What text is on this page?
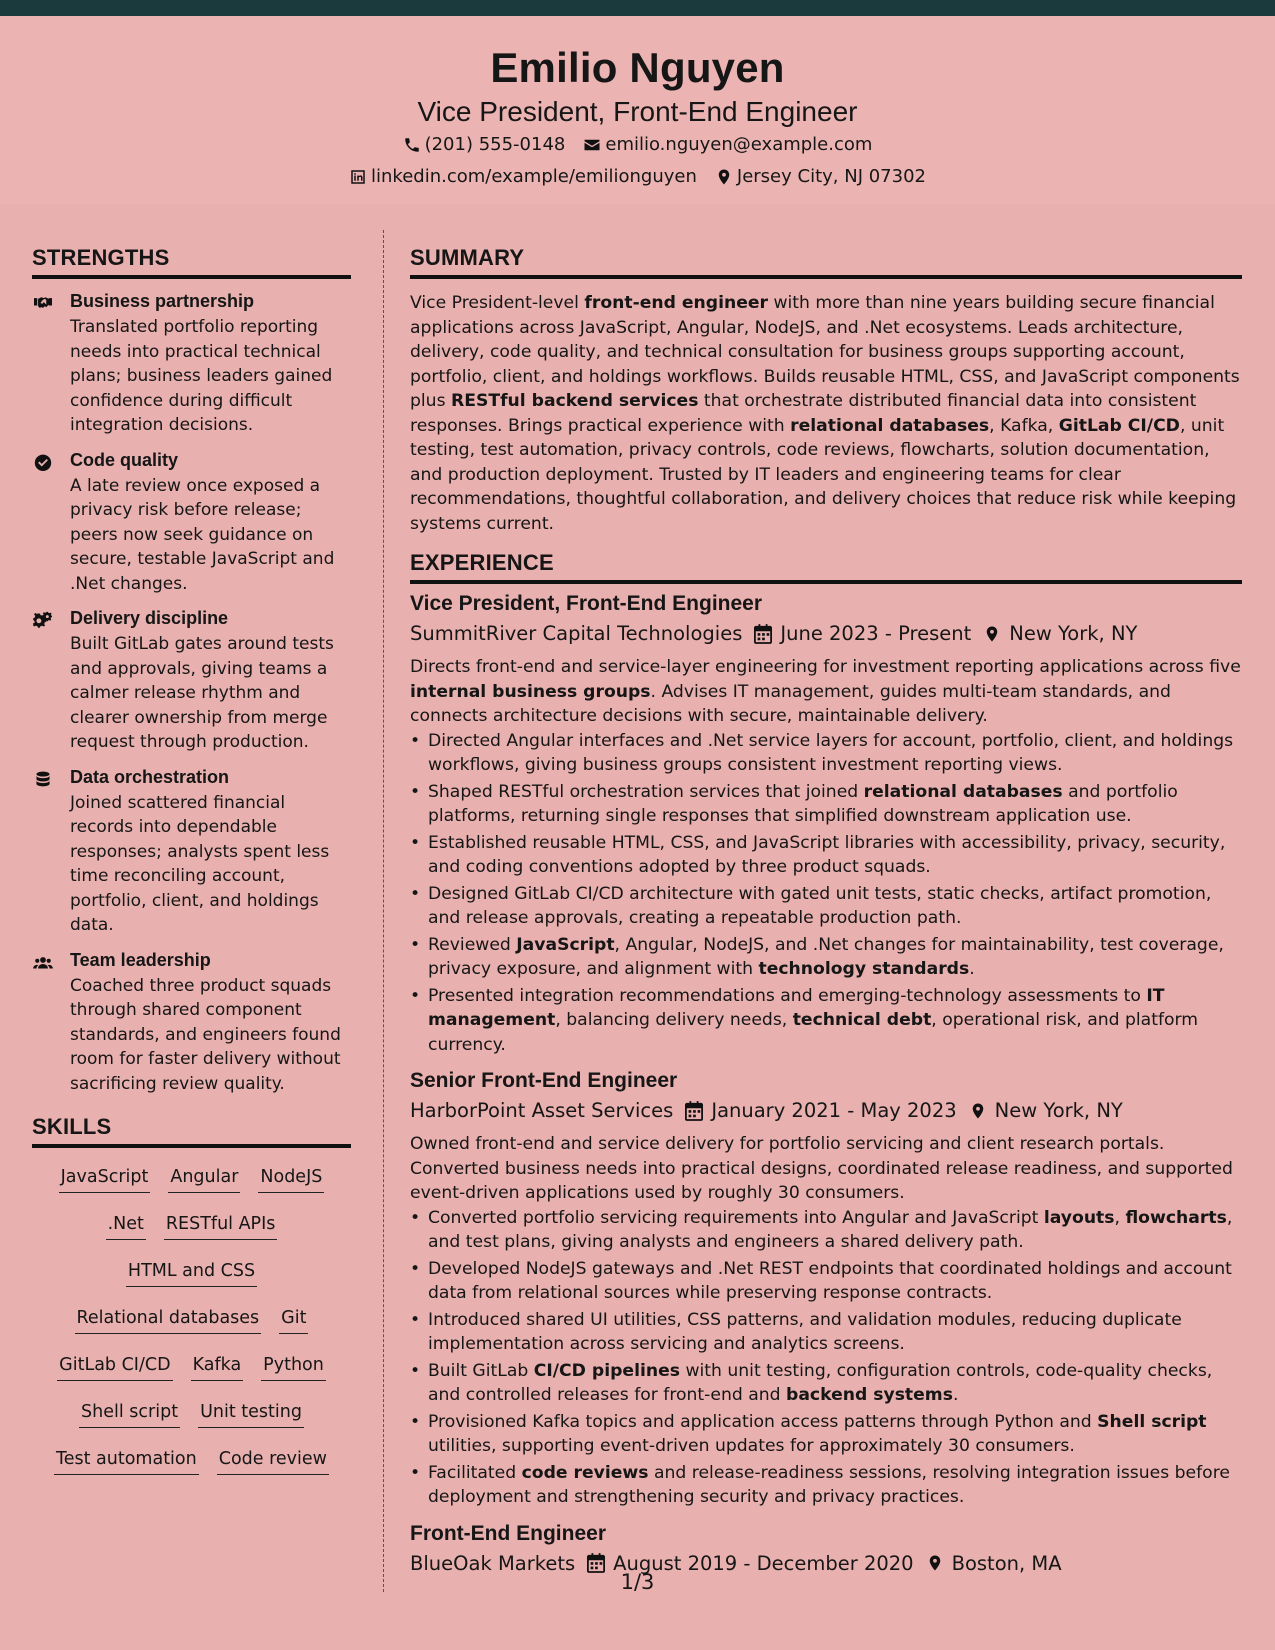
Emilio Nguyen
Vice President, Front-End Engineer
(201) 555-0148 emilio.nguyen@example.com
linkedin.com/example/emilionguyen Jersey City, NJ 07302
STRENGTHS
Business partnership
Translated portfolio reporting needs into practical technical plans; business leaders gained confidence during difficult integration decisions.
Code quality
A late review once exposed a privacy risk before release; peers now seek guidance on secure, testable JavaScript and .Net changes.
Delivery discipline
Built GitLab gates around tests and approvals, giving teams a calmer release rhythm and clearer ownership from merge request through production.
Data orchestration
Joined scattered financial records into dependable responses; analysts spent less time reconciling account, portfolio, client, and holdings data.
Team leadership
Coached three product squads through shared component standards, and engineers found room for faster delivery without sacrificing review quality.
SKILLS
JavaScript Angular NodeJS
.Net RESTful APIs
HTML and CSS
Relational databases Git
GitLab CI/CD Kafka Python
Shell script Unit testing
Test automation Code review
SUMMARY

Vice President-level front-end engineer with more than nine years building secure financial applications across JavaScript, Angular, NodeJS, and .Net ecosystems. Leads architecture, delivery, code quality, and technical consultation for business groups supporting account, portfolio, client, and holdings workflows. Builds reusable HTML, CSS, and JavaScript components plus RESTful backend services that orchestrate distributed financial data into consistent responses. Brings practical experience with relational databases, Kafka, GitLab CI/CD, unit testing, test automation, privacy controls, code reviews, flowcharts, solution documentation, and production deployment. Trusted by IT leaders and engineering teams for clear recommendations, thoughtful collaboration, and delivery choices that reduce risk while keeping systems current.

EXPERIENCE
Vice President, Front-End Engineer
SummitRiver Capital Technologies June 2023 - Present New York, NY

Directs front-end and service-layer engineering for investment reporting applications across five internal business groups. Advises IT management, guides multi-team standards, and connects architecture decisions with secure, maintainable delivery.

• Directed Angular interfaces and .Net service layers for account, portfolio, client, and holdings workflows, giving business groups consistent investment reporting views.
• Shaped RESTful orchestration services that joined relational databases and portfolio platforms, returning single responses that simplified downstream application use.
• Established reusable HTML, CSS, and JavaScript libraries with accessibility, privacy, security, and coding conventions adopted by three product squads.
• Designed GitLab CI/CD architecture with gated unit tests, static checks, artifact promotion, and release approvals, creating a repeatable production path.
• Reviewed JavaScript, Angular, NodeJS, and .Net changes for maintainability, test coverage, privacy exposure, and alignment with technology standards.
• Presented integration recommendations and emerging-technology assessments to IT management, balancing delivery needs, technical debt, operational risk, and platform currency.
Senior Front-End Engineer
HarborPoint Asset Services January 2021 - May 2023 New York, NY

Owned front-end and service delivery for portfolio servicing and client research portals. Converted business needs into practical designs, coordinated release readiness, and supported event-driven applications used by roughly 30 consumers.

• Converted portfolio servicing requirements into Angular and JavaScript layouts, flowcharts, and test plans, giving analysts and engineers a shared delivery path.
• Developed NodeJS gateways and .Net REST endpoints that coordinated holdings and account data from relational sources while preserving response contracts.
• Introduced shared UI utilities, CSS patterns, and validation modules, reducing duplicate implementation across servicing and analytics screens.
• Built GitLab CI/CD pipelines with unit testing, configuration controls, code-quality checks, and controlled releases for front-end and backend systems.
• Provisioned Kafka topics and application access patterns through Python and Shell script utilities, supporting event-driven updates for approximately 30 consumers.
• Facilitated code reviews and release-readiness sessions, resolving integration issues before deployment and strengthening security and privacy practices.
Front-End Engineer
BlueOak Markets August 2019 - December 2020 Boston, MA
1/3
